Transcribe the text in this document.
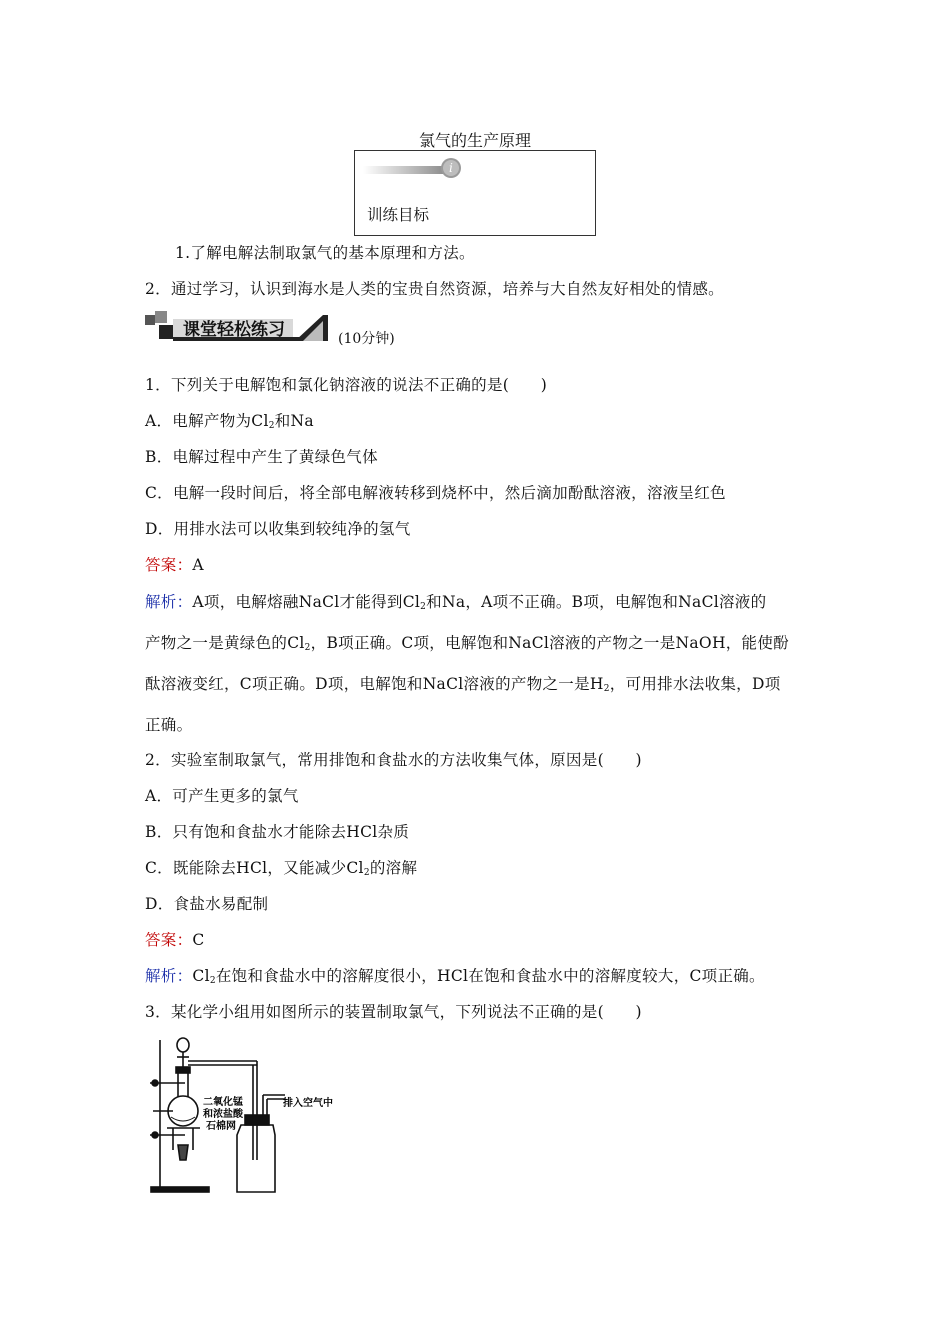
氯气的生产原理
i
训练目标
1.了解电解法制取氯气的基本原理和方法。
2．通过学习，认识到海水是人类的宝贵自然资源，培养与大自然友好相处的情感。
课堂轻松练习	(10分钟)
1．下列关于电解饱和氯化钠溶液的说法不正确的是(　　)
A．电解产物为$Cl_2$和Na
B．电解过程中产生了黄绿色气体
C．电解一段时间后，将全部电解液转移到烧杯中，然后滴加酚酞溶液，溶液呈红色
D．用排水法可以收集到较纯净的氢气
答案：A
解析：A项，电解熔融NaCl才能得到$Cl_2$和Na，A项不正确。B项，电解饱和NaCl溶液的
产物之一是黄绿色的$Cl_2$，B项正确。C项，电解饱和NaCl溶液的产物之一是NaOH，能使酚
酞溶液变红，C项正确。D项，电解饱和NaCl溶液的产物之一是$H_2$，可用排水法收集，D项
正确。
2．实验室制取氯气，常用排饱和食盐水的方法收集气体，原因是(　　)
A．可产生更多的氯气
B．只有饱和食盐水才能除去HCl杂质
C．既能除去HCl，又能减少$Cl_2$的溶解
D．食盐水易配制
答案：C
解析：$Cl_2$在饱和食盐水中的溶解度很小，HCl在饱和食盐水中的溶解度较大，C项正确。
3．某化学小组用如图所示的装置制取氯气，下列说法不正确的是(　　)
二氧化锰
和浓盐酸
石棉网
排入空气中
